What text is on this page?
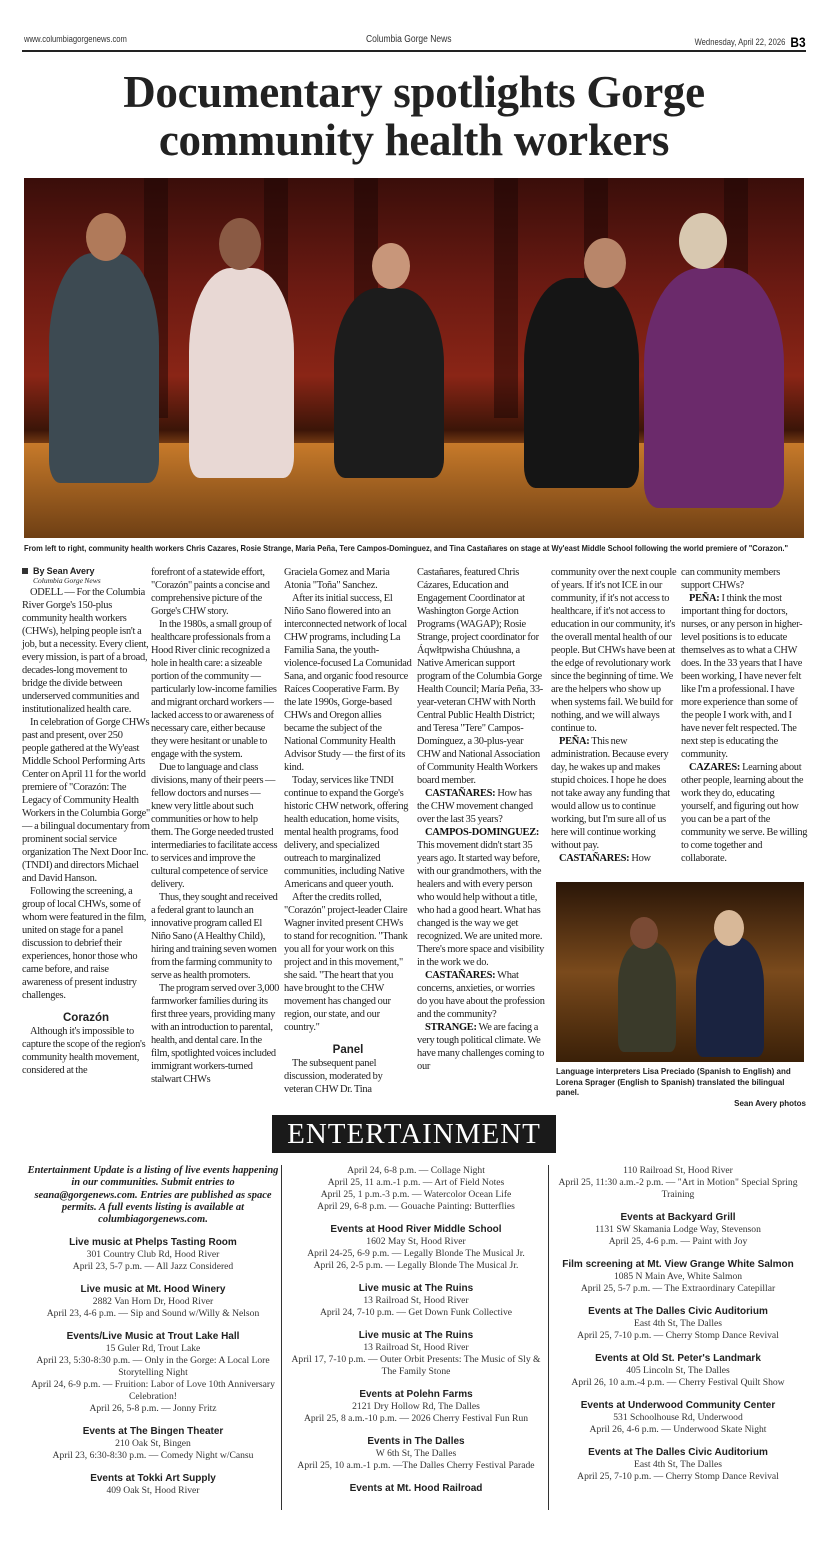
www.columbiagorgenews.com	Columbia Gorge News	Wednesday, April 22, 2026 B3
Documentary spotlights Gorge community health workers
From left to right, community health workers Chris Cazares, Rosie Strange, Maria Peña, Tere Campos-Dominguez, and Tina Castañares on stage at Wy'east Middle School following the world premiere of "Corazon."
By Sean Avery
Columbia Gorge News

ODELL — For the Columbia River Gorge's 150-plus community health workers (CHWs), helping people isn't a job, but a necessity. Every client, every mission, is part of a broad, decades-long movement to bridge the divide between underserved communities and institutionalized health care.

In celebration of Gorge CHWs past and present, over 250 people gathered at the Wy'east Middle School Performing Arts Center on April 11 for the world premiere of "Corazón: The Legacy of Community Health Workers in the Columbia Gorge" — a bilingual documentary from prominent social service organization The Next Door Inc. (TNDI) and directors Michael and David Hanson.

Following the screening, a group of local CHWs, some of whom were featured in the film, united on stage for a panel discussion to debrief their experiences, honor those who came before, and raise awareness of present industry challenges.

Corazón

Although it's impossible to capture the scope of the region's community health movement, considered at the

forefront of a statewide effort, "Corazón" paints a concise and comprehensive picture of the Gorge's CHW story.

In the 1980s, a small group of healthcare professionals from a Hood River clinic recognized a hole in health care: a sizeable portion of the community — particularly low-income families and migrant orchard workers — lacked access to or awareness of necessary care, either because they were hesitant or unable to engage with the system.

Due to language and class divisions, many of their peers — fellow doctors and nurses — knew very little about such communities or how to help them. The Gorge needed trusted intermediaries to facilitate access to services and improve the cultural competence of service delivery.

Thus, they sought and received a federal grant to launch an innovative program called El Niño Sano (A Healthy Child), hiring and training seven women from the farming community to serve as health promoters.

The program served over 3,000 farmworker families during its first three years, providing many with an introduction to parental, health, and dental care. In the film, spotlighted voices included immigrant workers-turned stalwart CHWs

Graciela Gomez and Maria Atonia "Toña" Sanchez.

After its initial success, El Niño Sano flowered into an interconnected network of local CHW programs, including La Familia Sana, the youth-violence-focused La Comunidad Sana, and organic food resource Raíces Cooperative Farm. By the late 1990s, Gorge-based CHWs and Oregon allies became the subject of the National Community Health Advisor Study — the first of its kind.

Today, services like TNDI continue to expand the Gorge's historic CHW network, offering health education, home visits, mental health programs, food delivery, and specialized outreach to marginalized communities, including Native Americans and queer youth.

After the credits rolled, "Corazón" project-leader Claire Wagner invited present CHWs to stand for recognition. "Thank you all for your work on this project and in this movement," she said. "The heart that you have brought to the CHW movement has changed our region, our state, and our country."

Panel

The subsequent panel discussion, moderated by veteran CHW Dr. Tina

Castañares, featured Chris Cázares, Education and Engagement Coordinator at Washington Gorge Action Programs (WAGAP); Rosie Strange, project coordinator for Áqwłtpwisha Chúushna, a Native American support program of the Columbia Gorge Health Council; María Peña, 33-year-veteran CHW with North Central Public Health District; and Teresa "Tere" Campos-Domínguez, a 30-plus-year CHW and National Association of Community Health Workers board member.

CASTAÑARES: How has the CHW movement changed over the last 35 years?

CAMPOS-DOMINGUEZ: This movement didn't start 35 years ago. It started way before, with our grandmothers, with the healers and with every person who would help without a title, who had a good heart. What has changed is the way we get recognized. We are united more. There's more space and visibility in the work we do.

CASTAÑARES: What concerns, anxieties, or worries do you have about the profession and the community?

STRANGE: We are facing a very tough political climate. We have many challenges coming to our

community over the next couple of years. If it's not ICE in our community, if it's not access to healthcare, if it's not access to education in our community, it's the overall mental health of our people. But CHWs have been at the edge of revolutionary work since the beginning of time. We are the helpers who show up when systems fail. We build for nothing, and we will always continue to.

PEÑA: This new administration. Because every day, he wakes up and makes stupid choices. I hope he does not take away any funding that would allow us to continue working, but I'm sure all of us here will continue working without pay.

CASTAÑARES: How

can community members support CHWs?

PEÑA: I think the most important thing for doctors, nurses, or any person in higher-level positions is to educate themselves as to what a CHW does. In the 33 years that I have been working, I have never felt like I'm a professional. I have more experience than some of the people I work with, and I have never felt respected. The next step is educating the community.

CAZARES: Learning about other people, learning about the work they do, educating yourself, and figuring out how you can be a part of the community we serve. Be willing to come together and collaborate.

Language interpreters Lisa Preciado (Spanish to English) and Lorena Sprager (English to Spanish) translated the bilingual panel.
Sean Avery photos
ENTERTAINMENT
Entertainment Update is a listing of live events happening in our communities. Submit entries to seana@gorgenews.com. Entries are published as space permits. A full events listing is available at columbiagorgenews.com.
Live music at Phelps Tasting Room
301 Country Club Rd, Hood River
April 23, 5-7 p.m. — All Jazz Considered
Live music at Mt. Hood Winery
2882 Van Horn Dr, Hood River
April 23, 4-6 p.m. — Sip and Sound w/Willy & Nelson
Events/Live Music at Trout Lake Hall
15 Guler Rd, Trout Lake
April 23, 5:30-8:30 p.m. — Only in the Gorge: A Local Lore Storytelling Night
April 24, 6-9 p.m. — Fruition: Labor of Love 10th Anniversary Celebration!
April 26, 5-8 p.m. — Jonny Fritz
Events at The Bingen Theater
210 Oak St, Bingen
April 23, 6:30-8:30 p.m. — Comedy Night w/Cansu
Events at Tokki Art Supply
409 Oak St, Hood River
April 24, 6-8 p.m. — Collage Night
April 25, 11 a.m.-1 p.m. — Art of Field Notes
April 25, 1 p.m.-3 p.m. — Watercolor Ocean Life
April 29, 6-8 p.m. — Gouache Painting: Butterflies
Events at Hood River Middle School
1602 May St, Hood River
April 24-25, 6-9 p.m. — Legally Blonde The Musical Jr.
April 26, 2-5 p.m. — Legally Blonde The Musical Jr.
Live music at The Ruins
13 Railroad St, Hood River
April 24, 7-10 p.m. — Get Down Funk Collective
Live music at The Ruins
13 Railroad St, Hood River
April 17, 7-10 p.m. — Outer Orbit Presents: The Music of Sly & The Family Stone
Events at Polehn Farms
2121 Dry Hollow Rd, The Dalles
April 25, 8 a.m.-10 p.m. — 2026 Cherry Festival Fun Run
Events in The Dalles
W 6th St, The Dalles
April 25, 10 a.m.-1 p.m. —The Dalles Cherry Festival Parade
Events at Mt. Hood Railroad
110 Railroad St, Hood River
April 25, 11:30 a.m.-2 p.m. — "Art in Motion" Special Spring Training
Events at Backyard Grill
1131 SW Skamania Lodge Way, Stevenson
April 25, 4-6 p.m. — Paint with Joy
Film screening at Mt. View Grange White Salmon
1085 N Main Ave, White Salmon
April 25, 5-7 p.m. — The Extraordinary Catepillar
Events at The Dalles Civic Auditorium
East 4th St, The Dalles
April 25, 7-10 p.m. — Cherry Stomp Dance Revival
Events at Old St. Peter's Landmark
405 Lincoln St, The Dalles
April 26, 10 a.m.-4 p.m. — Cherry Festival Quilt Show
Events at Underwood Community Center
531 Schoolhouse Rd, Underwood
April 26, 4-6 p.m. — Underwood Skate Night
Events at The Dalles Civic Auditorium
East 4th St, The Dalles
April 25, 7-10 p.m. — Cherry Stomp Dance Revival
